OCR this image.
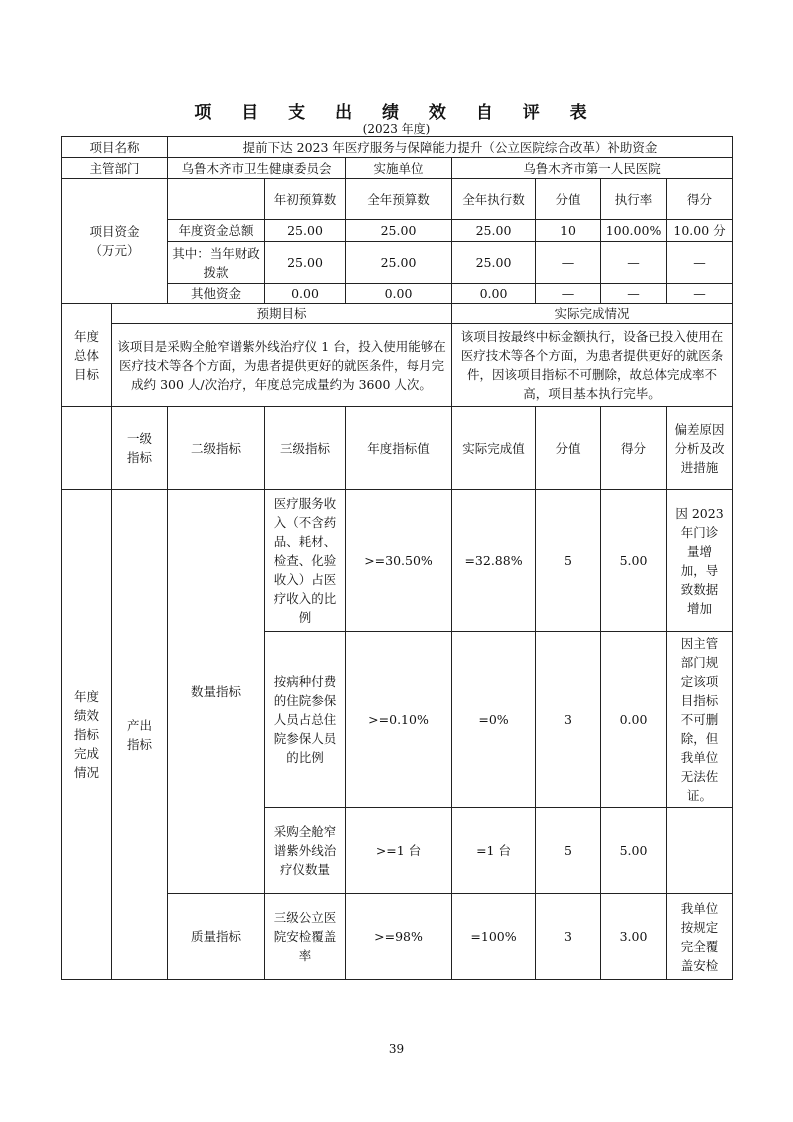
项 目 支 出 绩 效 自 评 表
(2023 年度)
项目名称		提前下达 2023 年医疗服务与保障能力提升（公立医院综合改革）补助资金						
主管部门		乌鲁木齐市卫生健康委员会		实施单位	乌鲁木齐市第一人民医院			
项目资金
（万元）			年初预算数	全年预算数	全年执行数	分值	执行率	得分
		年度资金总额	25.00	25.00	25.00	10	100.00%	10.00 分
		其中：当年财政拨款	25.00	25.00	25.00	—	—	—
		其他资金	0.00	0.00	0.00	—	—	—
年度总体目标	预期目标				实际完成情况			
	该项目是采购全舱窄谱紫外线治疗仪 1 台，投入使用能够在医疗技术等各个方面，为患者提供更好的就医条件，每月完成约 300 人/次治疗，年度总完成量约为 3600 人次。				该项目按最终中标金额执行，设备已投入使用在医疗技术等各个方面，为患者提供更好的就医条件，因该项目指标不可删除，故总体完成率不高，项目基本执行完毕。			
	一级指标	二级指标	三级指标	年度指标值	实际完成值	分值	得分	偏差原因分析及改进措施
年度绩效指标完成情况	产出指标	数量指标	医疗服务收入（不含药品、耗材、检查、化验收入）占医疗收入的比例	>=30.50%	=32.88%	5	5.00	因 2023 年门诊量增加，导致数据增加
			按病种付费的住院参保人员占总住院参保人员的比例	>=0.10%	=0%	3	0.00	因主管部门规定该项目指标不可删除，但我单位无法佐证。
			采购全舱窄谱紫外线治疗仪数量	>=1 台	=1 台	5	5.00	
		质量指标	三级公立医院安检覆盖率	>=98%	=100%	3	3.00	我单位按规定完全覆盖安检
39
